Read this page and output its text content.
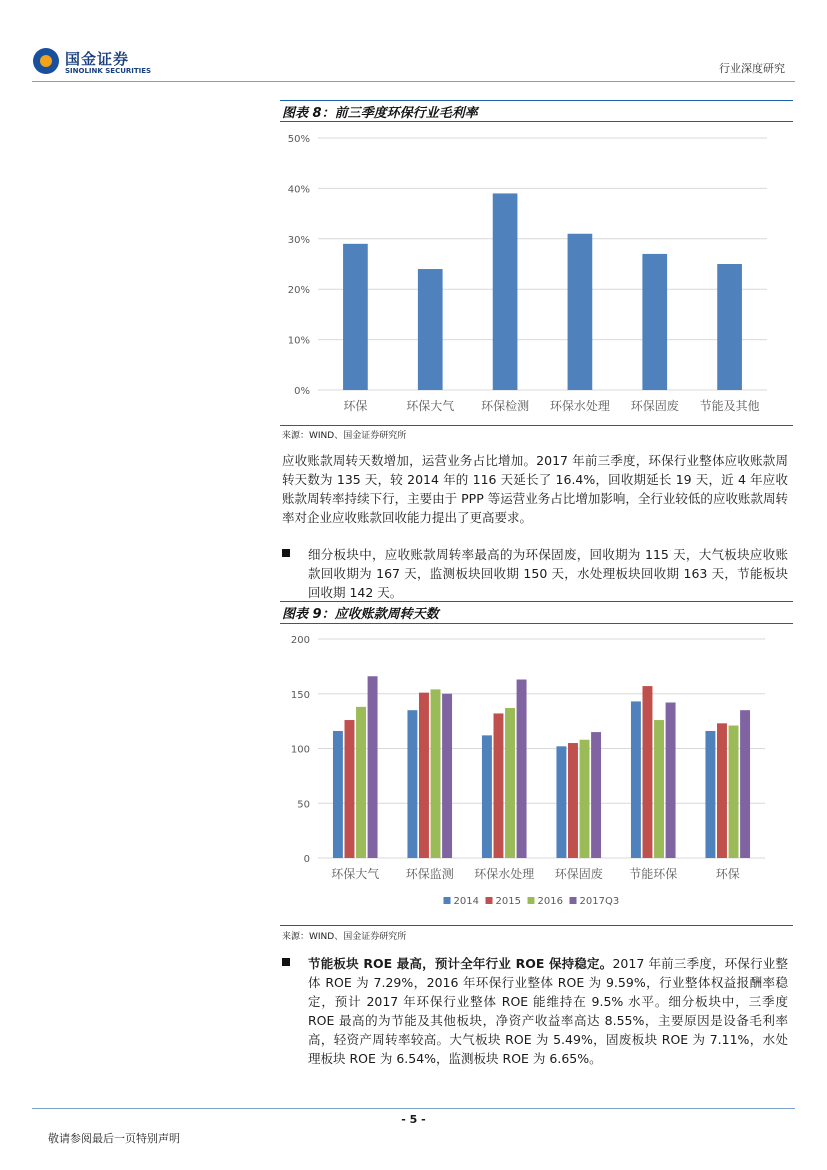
国金证券
SINOLINK SECURITIES	行业深度研究
图表 8：前三季度环保行业毛利率
0%
10%
20%
30%
40%
50%
环保	环保大气 环保检测 环保水处理 环保固废 节能及其他
来源：WIND、国金证券研究所
应收账款周转天数增加，运营业务占比增加。2017 年前三季度，环保行业整体应收账款周转天数为 135 天，较 2014 年的 116 天延长了 16.4%，回收期延长 19 天，近 4 年应收账款周转率持续下行，主要由于 PPP 等运营业务占比增加影响，全行业较低的应收账款周转率对企业应收账款回收能力提出了更高要求。
细分板块中，应收账款周转率最高的为环保固废，回收期为 115 天，大气板块应收账款回收期为 167 天，监测板块回收期 150 天，水处理板块回收期 163 天，节能板块回收期 142 天。
图表 9：应收账款周转天数
0
50
100
150
200
环保大气 环保监测 环保水处理 环保固废 节能环保	环保
2014 2015 2016 2017Q3
来源：WIND、国金证券研究所
节能板块 ROE 最高，预计全年行业 ROE 保持稳定。2017 年前三季度，环保行业整体 ROE 为 7.29%，2016 年环保行业整体 ROE 为 9.59%，行业整体权益报酬率稳定，预计 2017 年环保行业整体 ROE 能维持在 9.5% 水平。细分板块中，三季度 ROE 最高的为节能及其他板块，净资产收益率高达 8.55%，主要原因是设备毛利率高，轻资产周转率较高。大气板块 ROE 为 5.49%，固废板块 ROE 为 7.11%，水处理板块 ROE 为 6.54%，监测板块 ROE 为 6.65%。
- 5 -
敬请参阅最后一页特别声明
